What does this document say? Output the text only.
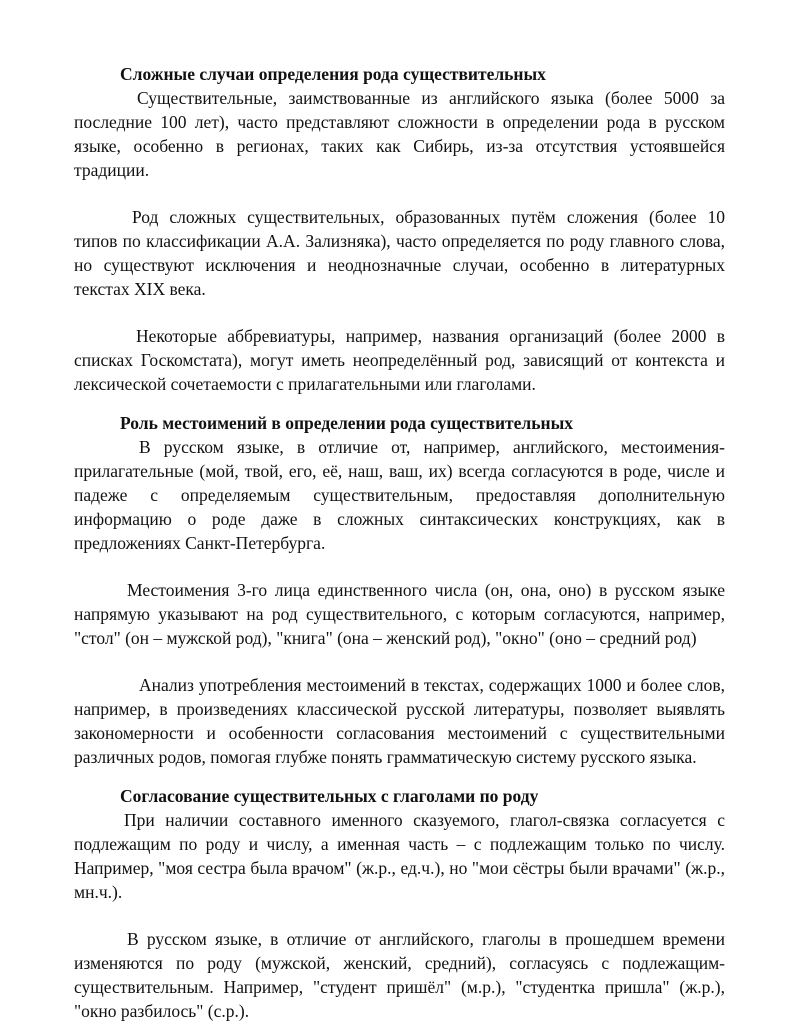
Сложные случаи определения рода существительных

Существительные, заимствованные из английского языка (более 5000 за последние 100 лет), часто представляют сложности в определении рода в русском языке, особенно в регионах, таких как Сибирь, из-за отсутствия устоявшейся традиции.

Род сложных существительных, образованных путём сложения (более 10 типов по классификации А.А. Зализняка), часто определяется по роду главного слова, но существуют исключения и неоднозначные случаи, особенно в литературных текстах XIX века.

Некоторые аббревиатуры, например, названия организаций (более 2000 в списках Госкомстата), могут иметь неопределённый род, зависящий от контекста и лексической сочетаемости с прилагательными или глаголами.

Роль местоимений в определении рода существительных

В русском языке, в отличие от, например, английского, местоимения-прилагательные (мой, твой, его, её, наш, ваш, их) всегда согласуются в роде, числе и падеже с определяемым существительным, предоставляя дополнительную информацию о роде даже в сложных синтаксических конструкциях, как в предложениях Санкт-Петербурга.

Местоимения 3-го лица единственного числа (он, она, оно) в русском языке напрямую указывают на род существительного, с которым согласуются, например, "стол" (он – мужской род), "книга" (она – женский род), "окно" (оно – средний род)

Анализ употребления местоимений в текстах, содержащих 1000 и более слов, например, в произведениях классической русской литературы, позволяет выявлять закономерности и особенности согласования местоимений с существительными различных родов, помогая глубже понять грамматическую систему русского языка.

Согласование существительных с глаголами по роду

При наличии составного именного сказуемого, глагол-связка согласуется с подлежащим по роду и числу, а именная часть – с подлежащим только по числу. Например, "моя сестра была врачом" (ж.р., ед.ч.), но "мои сёстры были врачами" (ж.р., мн.ч.).

В русском языке, в отличие от английского, глаголы в прошедшем времени изменяются по роду (мужской, женский, средний), согласуясь с подлежащим-существительным. Например, "студент пришёл" (м.р.), "студентка пришла" (ж.р.), "окно разбилось" (с.р.).
